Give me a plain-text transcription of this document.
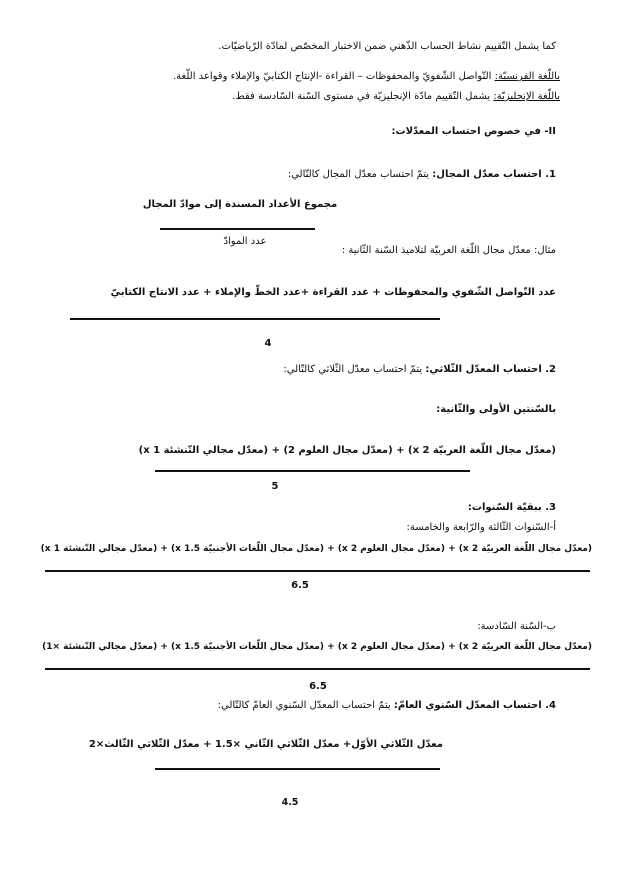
كما يشمل التّقييم نشاط الحساب الذّهني ضمن الاختبار المخصّص لمادّة الرّياضيّات.
باللّغة الفرنسيّة: التّواصل الشّفويّ والمحفوظات – القراءة -الإنتاج الكتابيّ والإملاء وقواعد اللّغة.
باللّغة الإنجليزيّة: يشمل التّقييم مادّة الإنجليزيّة في مستوى السّنة السّادسة فقط.
II- في خصوص احتساب المعدّلات:
1. احتساب معدّل المجال: يتمّ احتساب معدّل المجال كالتّالي:
مجموع الأعداد المسندة إلى موادّ المجال
عدد الموادّ
مثال: معدّل مجال اللّغة العربيّة لتلاميذ السّنة الثّانية :
عدد التّواصل الشّفوي والمحفوظات + عدد القراءة +عدد الخطّ والإملاء + عدد الانتاج الكتابيّ
4
2. احتساب المعدّل الثّلاثي: يتمّ احتساب معدّل الثّلاثي كالتّالي:
بالسّنتين الأولى والثّانية:
(معدّل مجال اللّغة العربيّة x 2) + (معدّل مجال العلوم 2) + (معدّل مجالي التّنشئة x 1)
5
3. ببقيّة السّنوات:
أ-السّنوات الثّالثة والرّابعة والخامسة:
(معدّل مجال اللّغة العربيّة x 2) + (معدّل مجال العلوم x 2) + (معدّل مجال اللّغات الأجنبيّة x 1.5) + (معدّل مجالي التّنشئة x 1)
6.5
ب-السّنة السّادسة:
(معدّل مجال اللّغة العربيّة x 2) + (معدّل مجال العلوم x 2) + (معدّل مجال اللّغات الأجنبيّة x 1.5) + (معدّل مجالي التّنشئة ×1)
6.5
4. احتساب المعدّل السّنوي العامّ: يتمّ احتساب المعدّل السّنوي العامّ كالتّالي:
معدّل الثّلاثي الأوّل+ معدّل الثّلاثي الثّاني ×1.5 + معدّل الثّلاثي الثّالث×2
4.5
